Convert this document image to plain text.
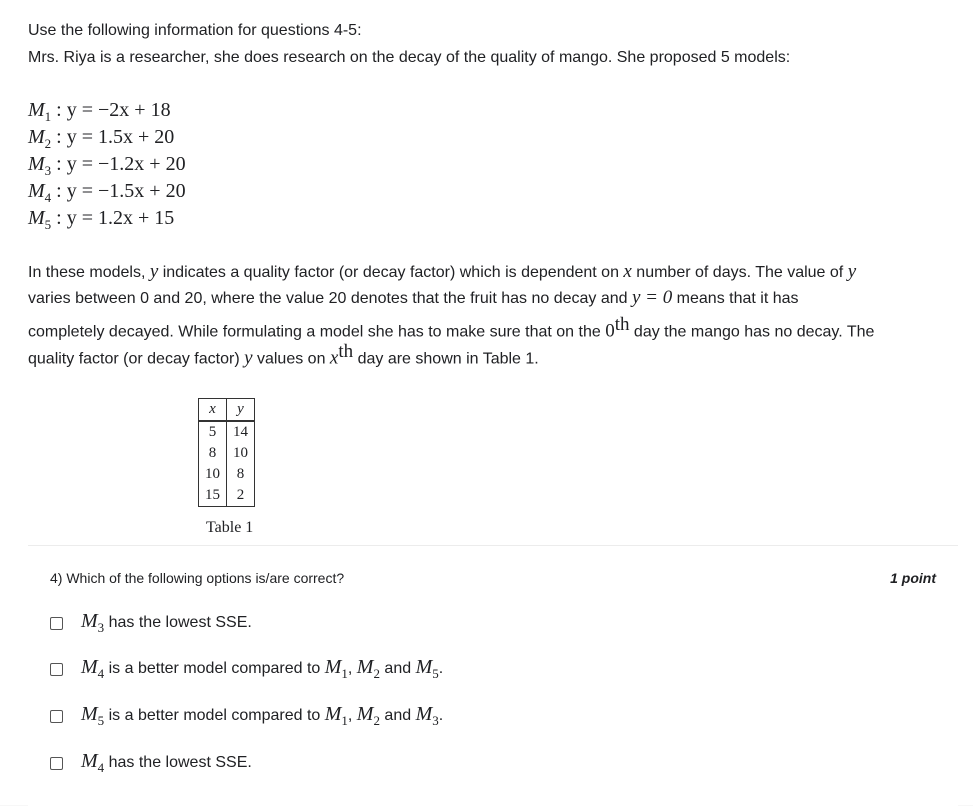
Use the following information for questions 4-5:
Mrs. Riya is a researcher, she does research on the decay of the quality of mango. She proposed 5 models:
$M_1$ : y = −2x + 18
$M_2$ : y = 1.5x + 20
$M_3$ : y = −1.2x + 20
$M_4$ : y = −1.5x + 20
$M_5$ : y = 1.2x + 15
In these models, y indicates a quality factor (or decay factor) which is dependent on x number of days. The value of y
varies between 0 and 20, where the value 20 denotes that the fruit has no decay and y = 0 means that it has
completely decayed. While formulating a model she has to make sure that on the 0th day the mango has no decay. The
quality factor (or decay factor) y values on $x^{th}$ day are shown in Table 1.
x	y
5	14
8	10
10	8
15	2
Table 1
4) Which of the following options is/are correct?	1 point
$M_3$ has the lowest SSE.
$M_4$ is a better model compared to $M_1$ , $M_2$ and $M_5$ .
$M_5$ is a better model compared to $M_1$ , $M_2$ and $M_3$ .
$M_4$ has the lowest SSE.
